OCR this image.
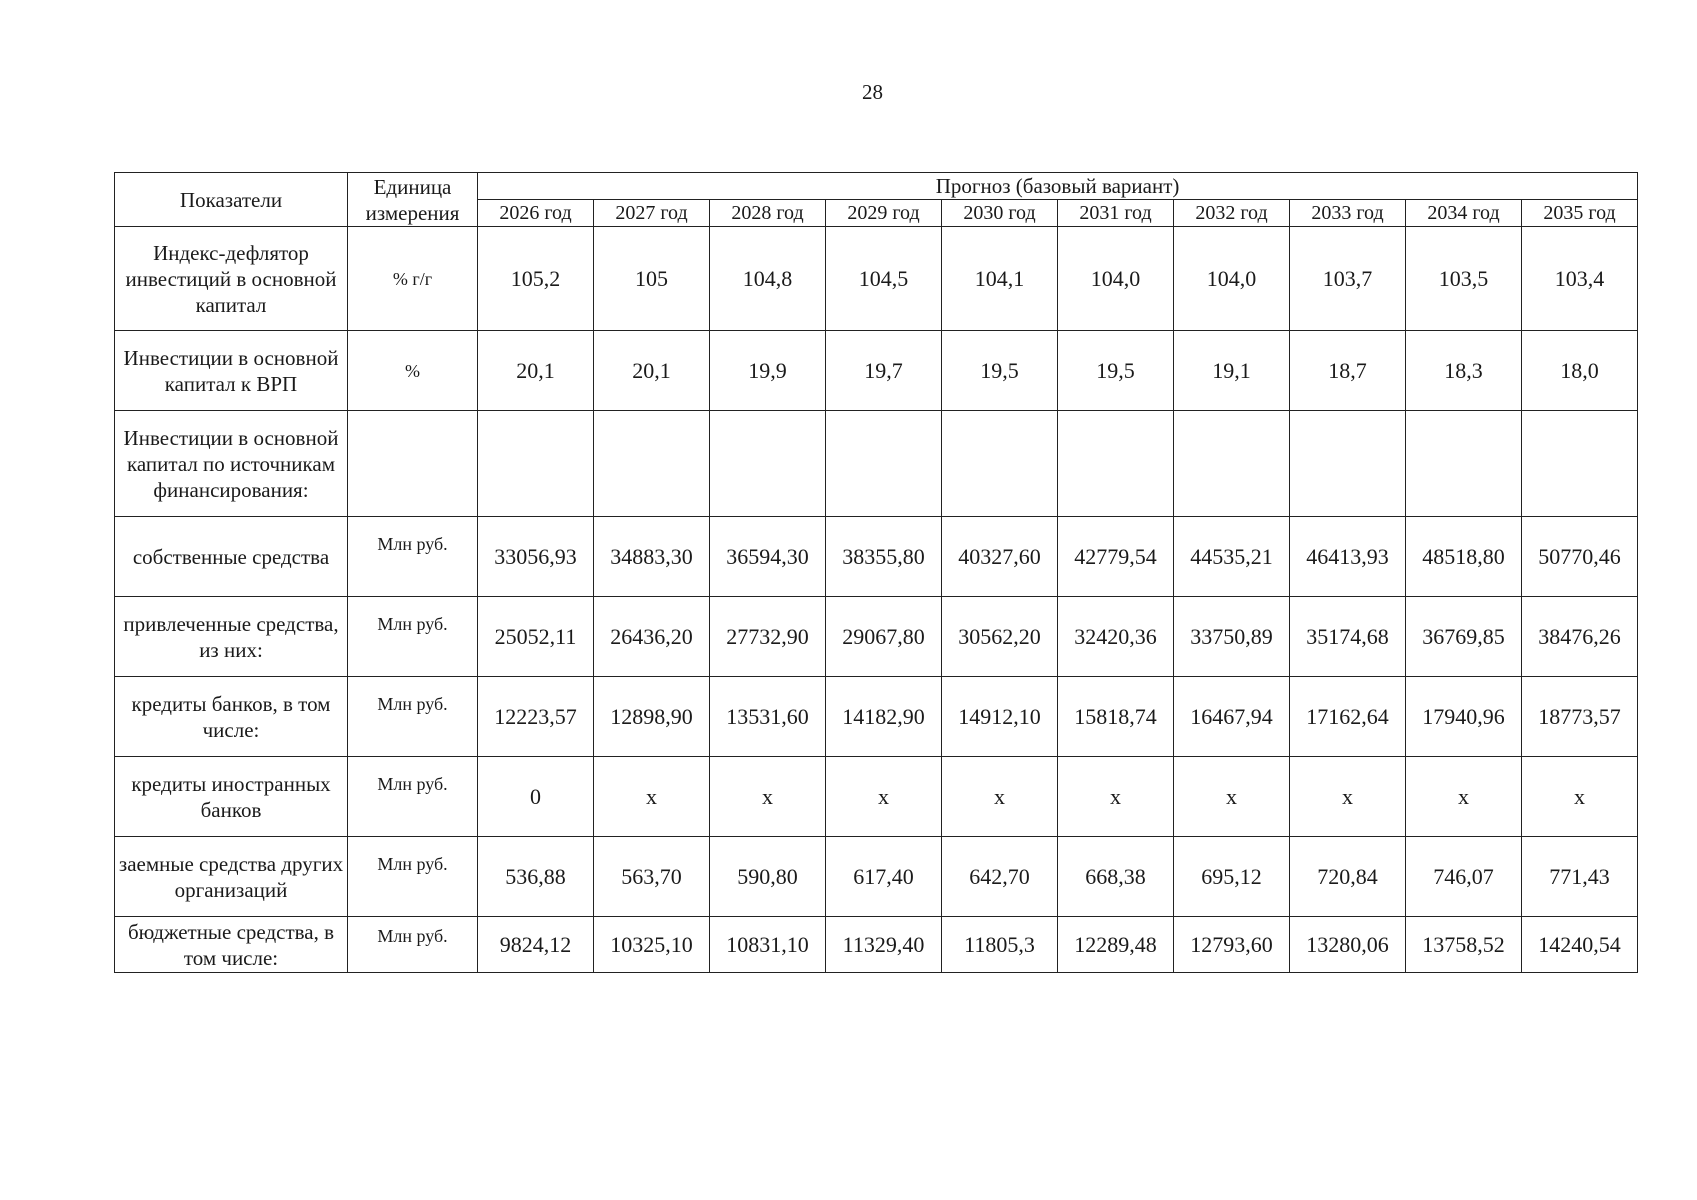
28
Показатели	Единица измерения	Прогноз (базовый вариант)									
		2026 год	2027 год	2028 год	2029 год	2030 год	2031 год	2032 год	2033 год	2034 год	2035 год
Индекс-дефлятор инвестиций в основной капитал	% г/г	105,2	105	104,8	104,5	104,1	104,0	104,0	103,7	103,5	103,4
Инвестиции в основной капитал к ВРП	%	20,1	20,1	19,9	19,7	19,5	19,5	19,1	18,7	18,3	18,0
Инвестиции в основной капитал по источникам финансирования:											
собственные средства	Млн руб.	33056,93	34883,30	36594,30	38355,80	40327,60	42779,54	44535,21	46413,93	48518,80	50770,46
привлеченные средства, из них:	Млн руб.	25052,11	26436,20	27732,90	29067,80	30562,20	32420,36	33750,89	35174,68	36769,85	38476,26
кредиты банков, в том числе:	Млн руб.	12223,57	12898,90	13531,60	14182,90	14912,10	15818,74	16467,94	17162,64	17940,96	18773,57
кредиты иностранных банков	Млн руб.	0	х	х	х	х	х	х	х	х	х
заемные средства других организаций	Млн руб.	536,88	563,70	590,80	617,40	642,70	668,38	695,12	720,84	746,07	771,43
бюджетные средства, в том числе:	Млн руб.	9824,12	10325,10	10831,10	11329,40	11805,3	12289,48	12793,60	13280,06	13758,52	14240,54
